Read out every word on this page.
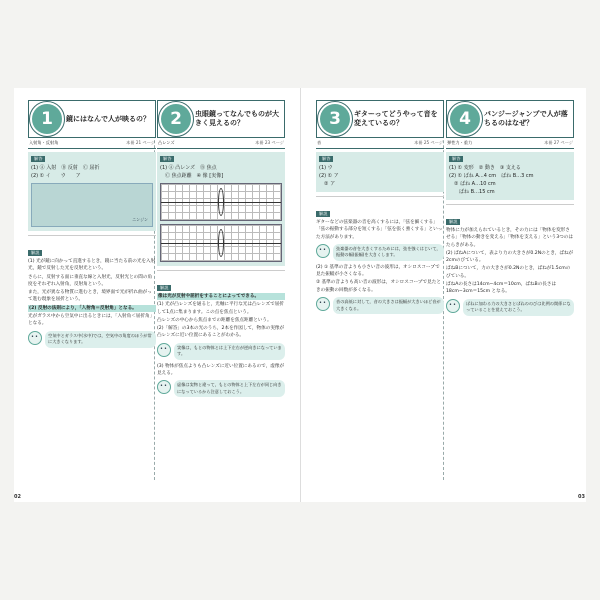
1	鏡にはなんで人が映るの？
入射角・反射角	本冊 21 ページ
解答
(1) Ⓐ 入射　Ⓑ 反射　Ⓒ 屈折
(2) ① イ　　ウ　　ア
ニンジン
解説

(1) 光が鏡に向かって直進するとき，鏡に当たる前の光を入射光，鏡で反射した光を反射光という。

さらに，反射する面に垂直な線と入射光，反射光との間の角度をそれぞれ入射角，反射角という。

また，光が異なる物質に進むとき，境界面で光が折れ曲がって進む現象を屈折という。

(2) 反射の法則により，「入射角＝反射角」となる。

光がガラス中から空気中に出るときには，「入射角＜屈折角」となる。

••
空気中とガラス中(水中)では，空気中の角度のほうが常に大きくなります。
2	虫眼鏡ってなんでものが大きく見えるの？
凸レンズ	本冊 23 ページ
解答
(1) Ⓐ 凸レンズ　Ⓑ 焦点
　Ⓒ 焦点距離　④ 像 [実像]
解説

像は光が反射や屈折をすることによってできる。

(1) 光が凸レンズを通ると，光軸に平行な光は凸レンズで屈折して1点に集まります。この点を焦点という。

凸レンズの中心から焦点までの距離を焦点距離という。

(2)「解答」の3本の光のうち，2本を作図して，物体の実像が凸レンズに近い位置にあることがわかる。

••
実像は，もとの物体とは上下左右が逆向きになっています。

(3) 物体が焦点よりも凸レンズに近い位置にあるので，虚像が見える。

••
虚像は実物と違って，もとの物体と上下左右が同じ向きになっているから注意しておこう。
3	ギターってどうやって音を変えているの？
音	本冊 25 ページ
解答
(1) ウ
(2) ① ア
　② ア
解説

ギターなどの弦楽器の音を高くするには，「弦を細くする」「弦の振動する部分を短くする」「弦を張く強くする」といった方法があります。

••
弦楽器の音を大きくするためには，弦を強くはじいて，振動の幅(振幅)を大きくします。

(2) ① 基準の音よりも小さい音の波形は，オシロスコープで見た振幅が小さくなる。

② 基準の音よりも高い音の波形は，オシロスコープで見たときの振動の回数が多くなる。

••
音の高低に対して，音の大きさは振幅が大きいほど音が大きくなる。
4	バンジージャンプで人が落ちるのはなぜ？
弾性力・重力	本冊 27 ページ
解答
(1) ① 変形　② 動き　③ 支える
(2) ① ばね A…4 cm　ばね B…3 cm
　② ばね A…10 cm
　　ばね B…15 cm
解説

物体に力が加えられているとき，その力には「物体を変形させる」「物体の動きを変える」「物体を支える」という3つのはたらきがある。

(2) ばねAについて，表より力の大きさが0.2Nのとき，ばねが2cmのびている。

ばねBについて，力の大きさが0.2Nのとき，ばねが1.5cmのびている。

ばねAの長さは14cm−4cm＝10cm，ばねBの長さは18cm−3cm＝15cm となる。

••
ばねに加わる力の大きさとばねののびは比例の関係になっていることを覚えておこう。
02	03
